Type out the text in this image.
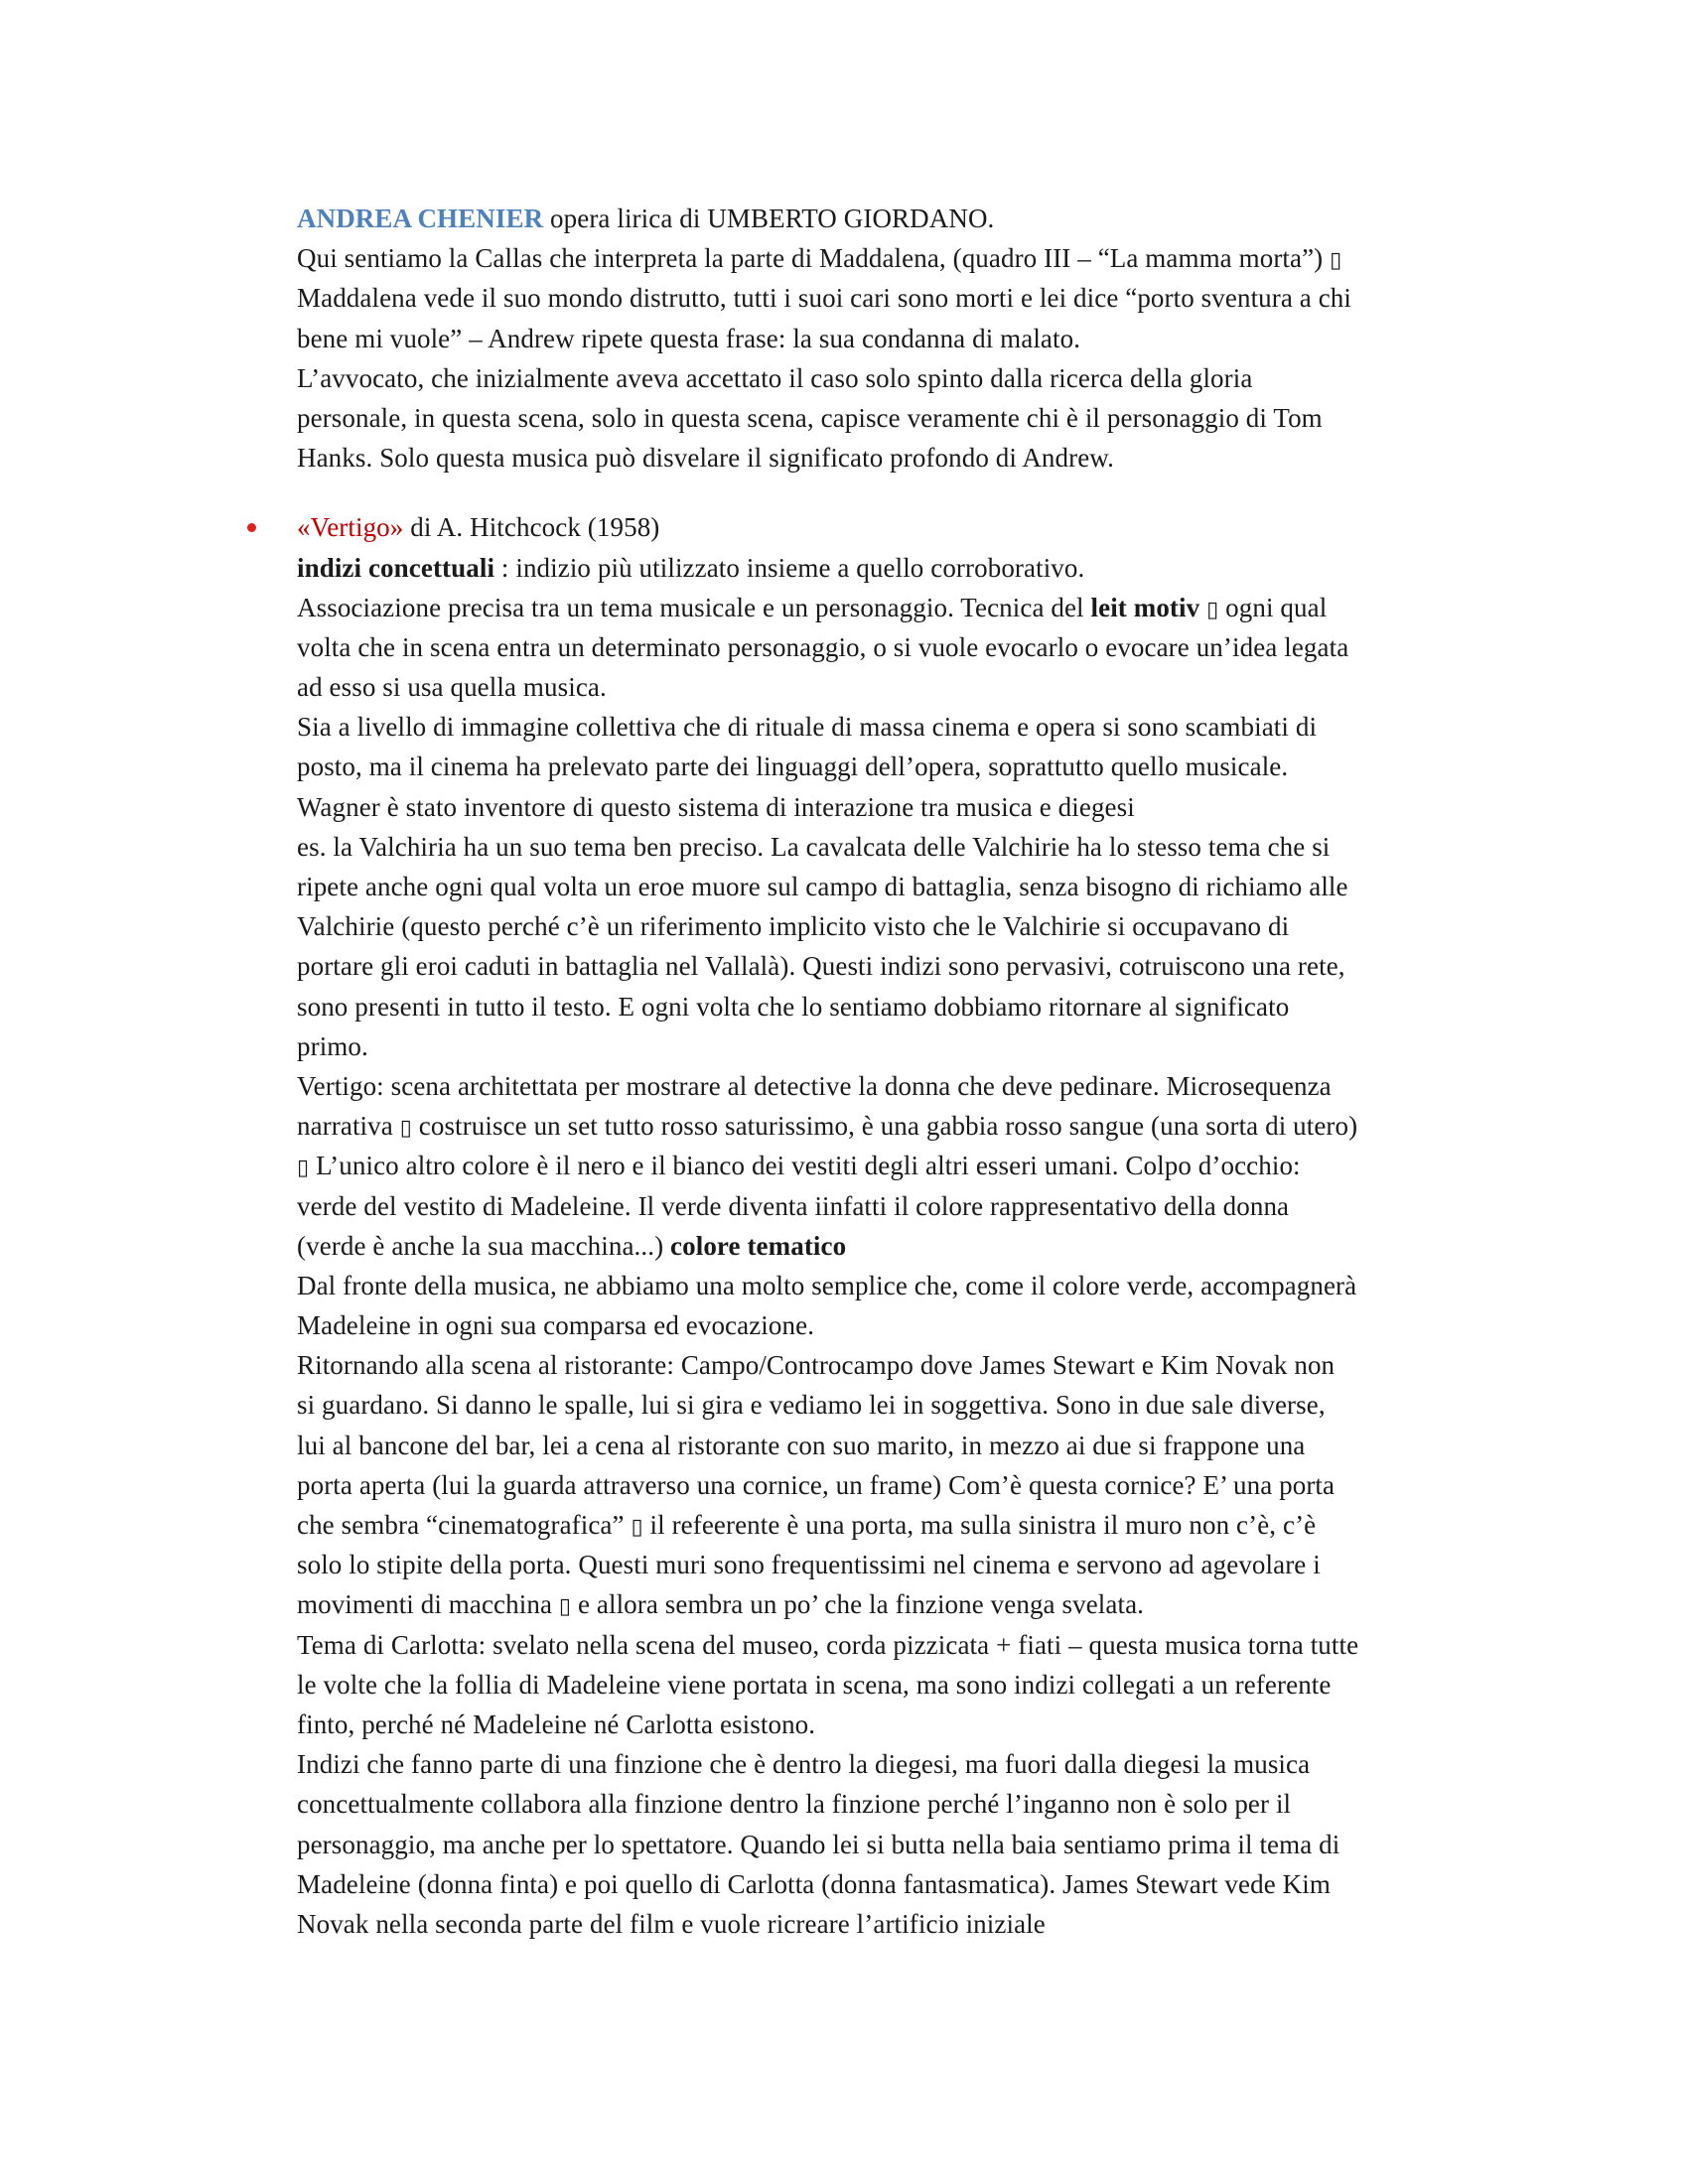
ANDREA CHENIER opera lirica di UMBERTO GIORDANO.
Qui sentiamo la Callas che interpreta la parte di Maddalena, (quadro III – “La mamma morta”) ▯
Maddalena vede il suo mondo distrutto, tutti i suoi cari sono morti e lei dice “porto sventura a chi
bene mi vuole” – Andrew ripete questa frase: la sua condanna di malato.
L’avvocato, che inizialmente aveva accettato il caso solo spinto dalla ricerca della gloria
personale, in questa scena, solo in questa scena, capisce veramente chi è il personaggio di Tom
Hanks. Solo questa musica può disvelare il significato profondo di Andrew.
«Vertigo» di A. Hitchcock (1958)
indizi concettuali : indizio più utilizzato insieme a quello corroborativo.
Associazione precisa tra un tema musicale e un personaggio. Tecnica del leit motiv ▯ ogni qual
volta che in scena entra un determinato personaggio, o si vuole evocarlo o evocare un’idea legata
ad esso si usa quella musica.
Sia a livello di immagine collettiva che di rituale di massa cinema e opera si sono scambiati di
posto, ma il cinema ha prelevato parte dei linguaggi dell’opera, soprattutto quello musicale.
Wagner è stato inventore di questo sistema di interazione tra musica e diegesi
es. la Valchiria ha un suo tema ben preciso. La cavalcata delle Valchirie ha lo stesso tema che si
ripete anche ogni qual volta un eroe muore sul campo di battaglia, senza bisogno di richiamo alle
Valchirie (questo perché c’è un riferimento implicito visto che le Valchirie si occupavano di
portare gli eroi caduti in battaglia nel Vallalà). Questi indizi sono pervasivi, cotruiscono una rete,
sono presenti in tutto il testo. E ogni volta che lo sentiamo dobbiamo ritornare al significato
primo.
Vertigo: scena architettata per mostrare al detective la donna che deve pedinare. Microsequenza
narrativa ▯ costruisce un set tutto rosso saturissimo, è una gabbia rosso sangue (una sorta di utero)
▯ L’unico altro colore è il nero e il bianco dei vestiti degli altri esseri umani. Colpo d’occhio:
verde del vestito di Madeleine. Il verde diventa iinfatti il colore rappresentativo della donna
(verde è anche la sua macchina...) colore tematico
Dal fronte della musica, ne abbiamo una molto semplice che, come il colore verde, accompagnerà
Madeleine in ogni sua comparsa ed evocazione.
Ritornando alla scena al ristorante: Campo/Controcampo dove James Stewart e Kim Novak non
si guardano. Si danno le spalle, lui si gira e vediamo lei in soggettiva. Sono in due sale diverse,
lui al bancone del bar, lei a cena al ristorante con suo marito, in mezzo ai due si frappone una
porta aperta (lui la guarda attraverso una cornice, un frame) Com’è questa cornice? E’ una porta
che sembra “cinematografica” ▯ il refeerente è una porta, ma sulla sinistra il muro non c’è, c’è
solo lo stipite della porta. Questi muri sono frequentissimi nel cinema e servono ad agevolare i
movimenti di macchina ▯ e allora sembra un po’ che la finzione venga svelata.
Tema di Carlotta: svelato nella scena del museo, corda pizzicata + fiati – questa musica torna tutte
le volte che la follia di Madeleine viene portata in scena, ma sono indizi collegati a un referente
finto, perché né Madeleine né Carlotta esistono.
Indizi che fanno parte di una finzione che è dentro la diegesi, ma fuori dalla diegesi la musica
concettualmente collabora alla finzione dentro la finzione perché l’inganno non è solo per il
personaggio, ma anche per lo spettatore. Quando lei si butta nella baia sentiamo prima il tema di
Madeleine (donna finta) e poi quello di Carlotta (donna fantasmatica). James Stewart vede Kim
Novak nella seconda parte del film e vuole ricreare l’artificio iniziale
